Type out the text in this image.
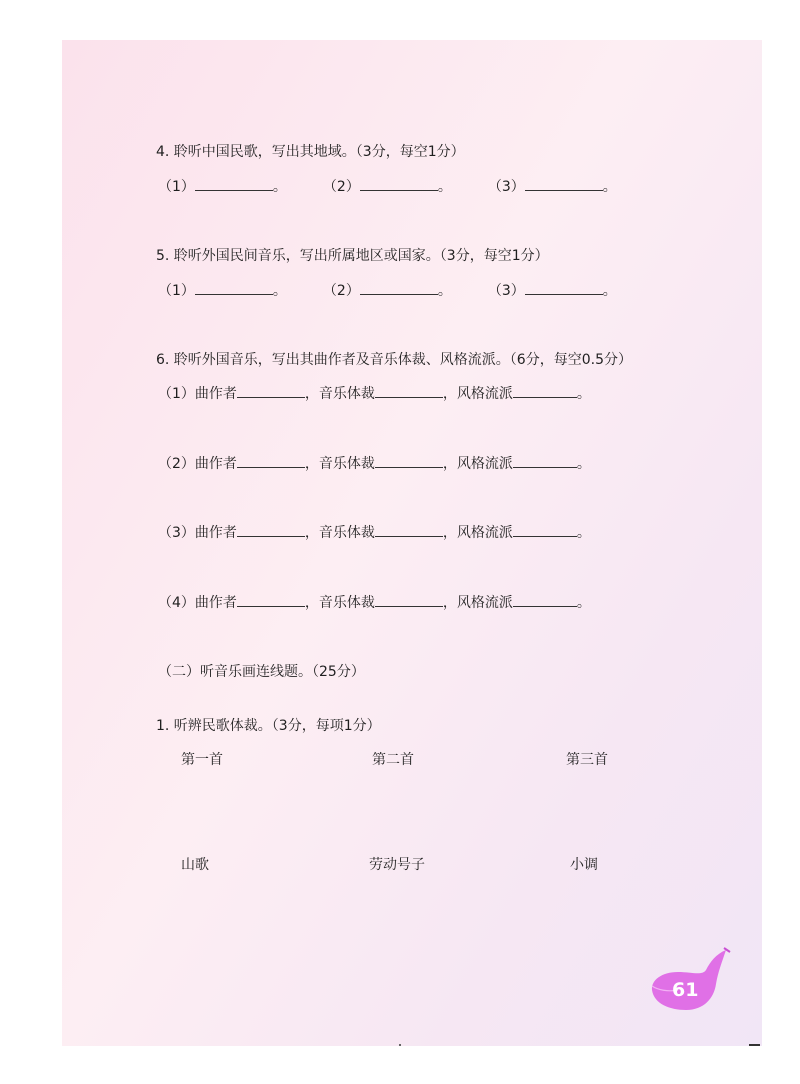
4. 聆听中国民歌，写出其地域。（3分，每空1分）
（1）	。	（2）	。	（3）	。
5. 聆听外国民间音乐，写出所属地区或国家。（3分，每空1分）
（1）	。	（2）	。	（3）	。
6. 聆听外国音乐，写出其曲作者及音乐体裁、风格流派。（6分，每空0.5分）
（1）曲作者	，音乐体裁	，风格流派	。
（2）曲作者	，音乐体裁	，风格流派	。
（3）曲作者	，音乐体裁	，风格流派	。
（4）曲作者	，音乐体裁	，风格流派	。
（二）听音乐画连线题。（25分）
1. 听辨民歌体裁。（3分，每项1分）
第一首	第二首	第三首
山歌	劳动号子	小调
61
